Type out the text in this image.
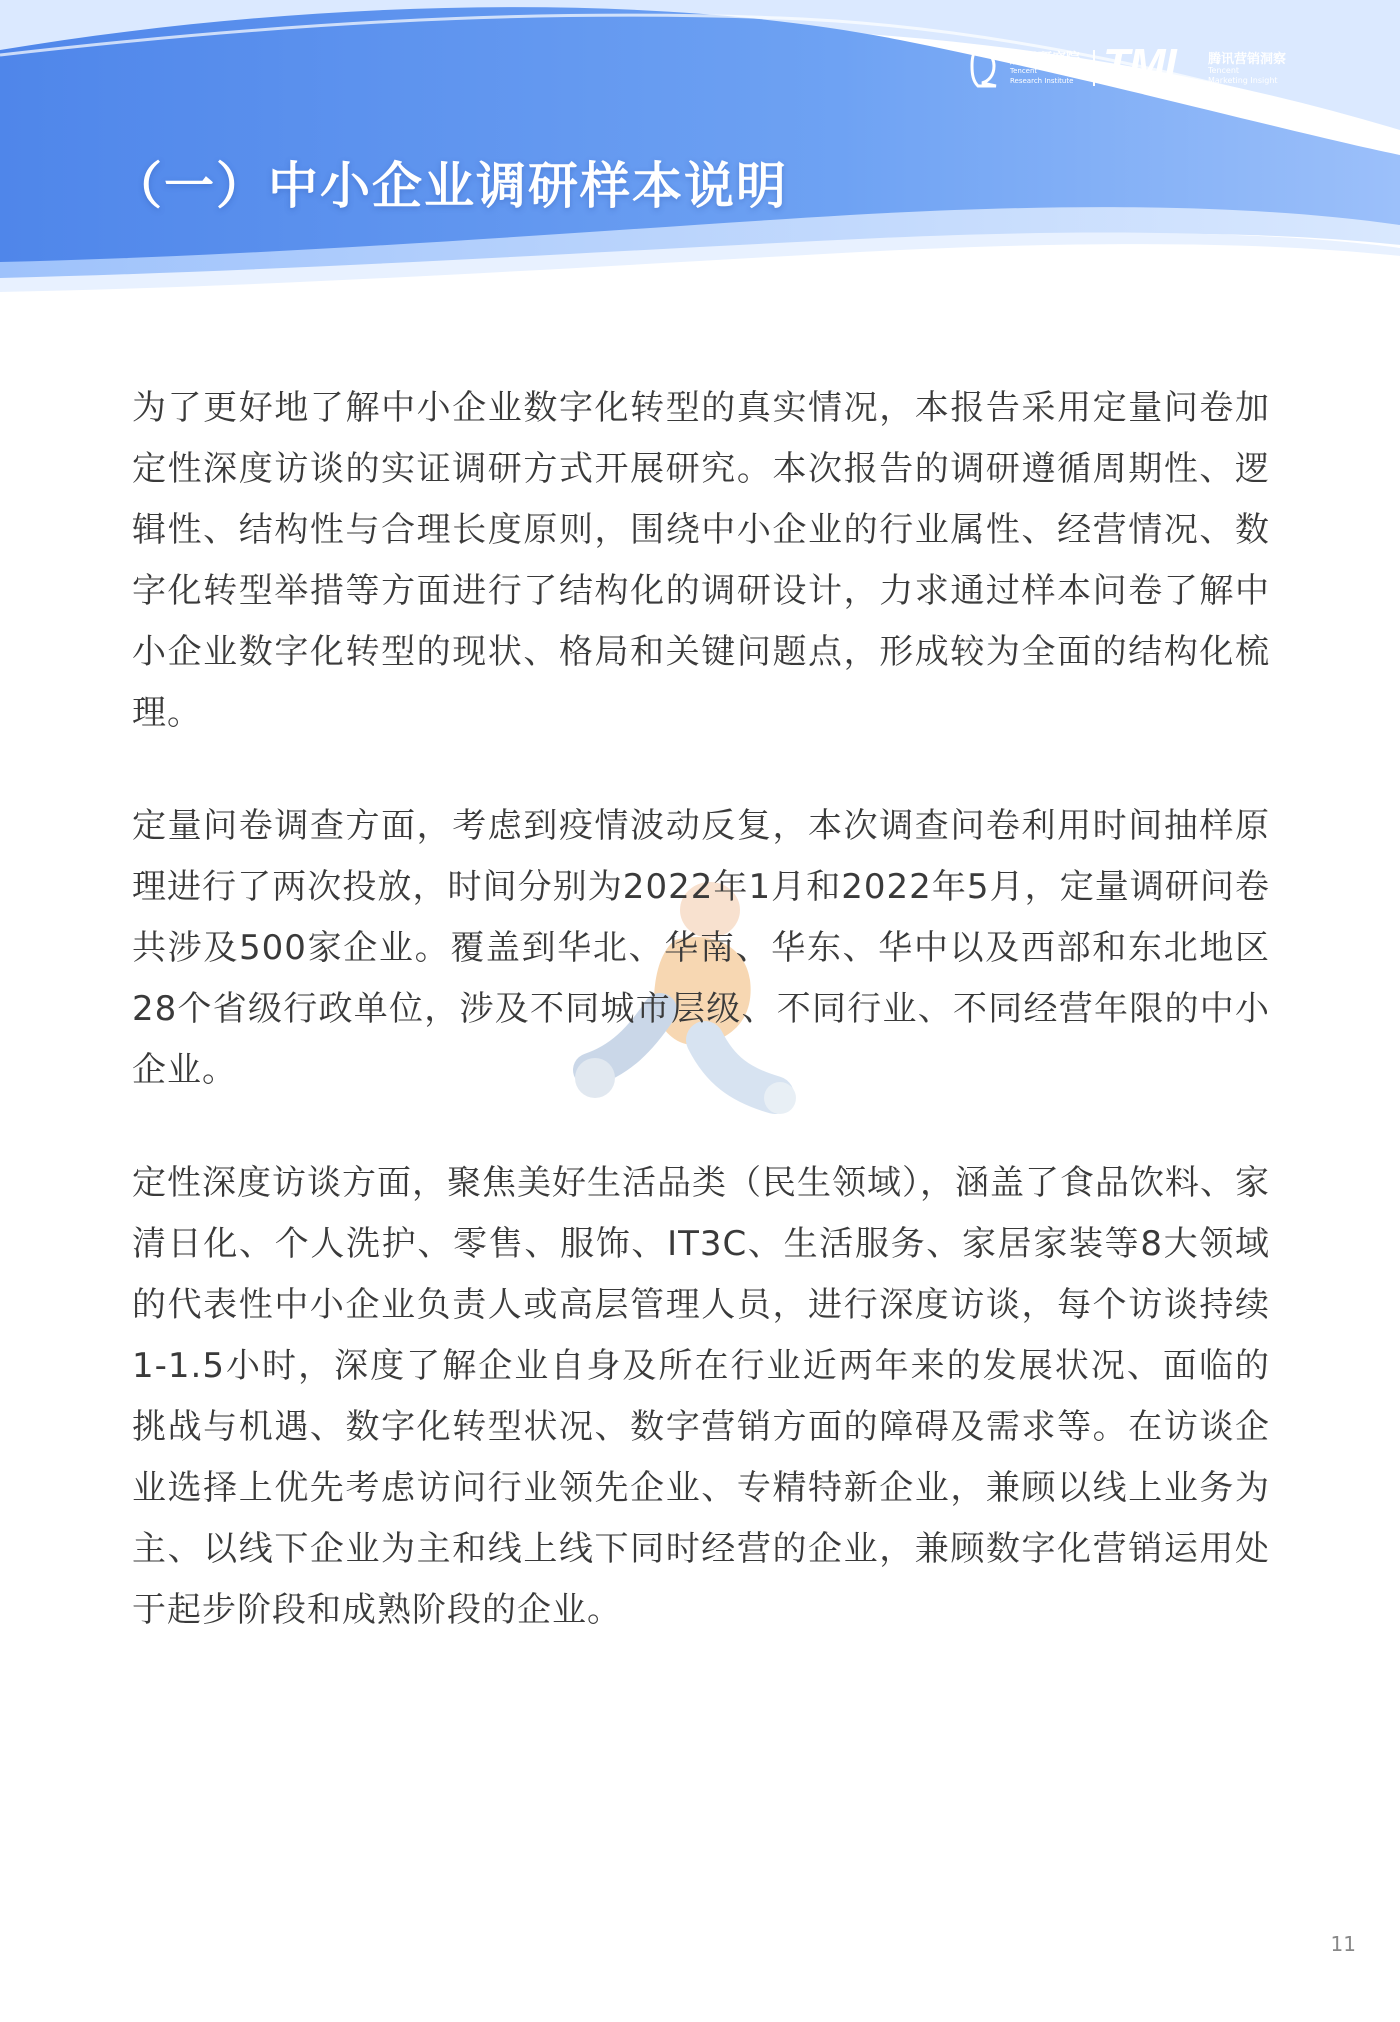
腾讯研究院
Tencent
Research Institute TMI 腾讯营销洞察
Tencent
Marketing Insight
（一）中小企业调研样本说明

为了更好地了解中小企业数字化转型的真实情况，本报告采用定量问卷加定性深度访谈的实证调研方式开展研究。本次报告的调研遵循周期性、逻辑性、结构性与合理长度原则，围绕中小企业的行业属性、经营情况、数字化转型举措等方面进行了结构化的调研设计，力求通过样本问卷了解中小企业数字化转型的现状、格局和关键问题点，形成较为全面的结构化梳理。

定量问卷调查方面，考虑到疫情波动反复，本次调查问卷利用时间抽样原理进行了两次投放，时间分别为2022年1月和2022年5月，定量调研问卷共涉及500家企业。覆盖到华北、华南、华东、华中以及西部和东北地区28个省级行政单位，涉及不同城市层级、不同行业、不同经营年限的中小企业。

定性深度访谈方面，聚焦美好生活品类（民生领域），涵盖了食品饮料、家清日化、个人洗护、零售、服饰、IT3C、生活服务、家居家装等8大领域的代表性中小企业负责人或高层管理人员，进行深度访谈，每个访谈持续1-1.5小时，深度了解企业自身及所在行业近两年来的发展状况、面临的挑战与机遇、数字化转型状况、数字营销方面的障碍及需求等。在访谈企业选择上优先考虑访问行业领先企业、专精特新企业，兼顾以线上业务为主、以线下企业为主和线上线下同时经营的企业，兼顾数字化营销运用处于起步阶段和成熟阶段的企业。

11
